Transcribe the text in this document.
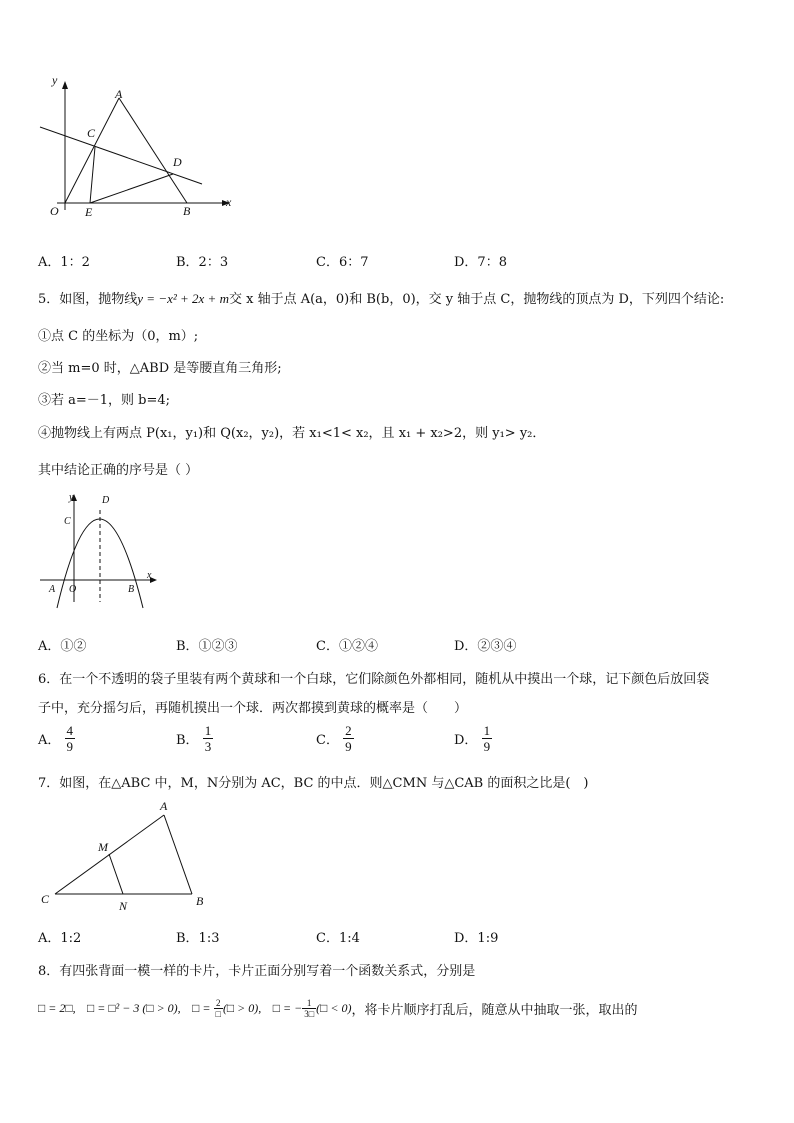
y
A
C
D
O E	B
x
A．1：2	B．2：3	C．6：7	D．7：8
5．如图，抛物线y = −x² + 2x + m交 x 轴于点 A(a，0)和 B(b，0)，交 y 轴于点 C，抛物线的顶点为 D，下列四个结论:
①点 C 的坐标为（0，m）;
②当 m=0 时，△ABD 是等腰直角三角形;
③若 a=－1，则 b=4;
④抛物线上有两点 P(x₁，y₁)和 Q(x₂，y₂)，若 x₁<1< x₂，且 x₁ + x₂>2，则 y₁> y₂．
其中结论正确的序号是（ ）
y	D
C
x
A O	B
A．①②	B．①②③	C．①②④	D．②③④
6．在一个不透明的袋子里装有两个黄球和一个白球，它们除颜色外都相同，随机从中摸出一个球，记下颜色后放回袋
子中，充分摇匀后，再随机摸出一个球．两次都摸到黄球的概率是（　　）
A． $\frac{4}{9}$	B． $\frac{1}{3}$	C． $\frac{2}{9}$	D． $\frac{1}{9}$
7．如图，在△ABC 中，M，N分别为 AC，BC 的中点．则△CMN 与△CAB 的面积之比是(　)
A
M
C	N	B
A．1:2	B．1:3	C．1:4	D．1:9
8．有四张背面一模一样的卡片，卡片正面分别写着一个函数关系式，分别是
□ = 2□, □ = □² − 3 (□ > 0), □ = $\frac{2}{□}$ (□ > 0), □ = − $\frac{1}{3□}$ (□ < 0)，将卡片顺序打乱后，随意从中抽取一张，取出的
